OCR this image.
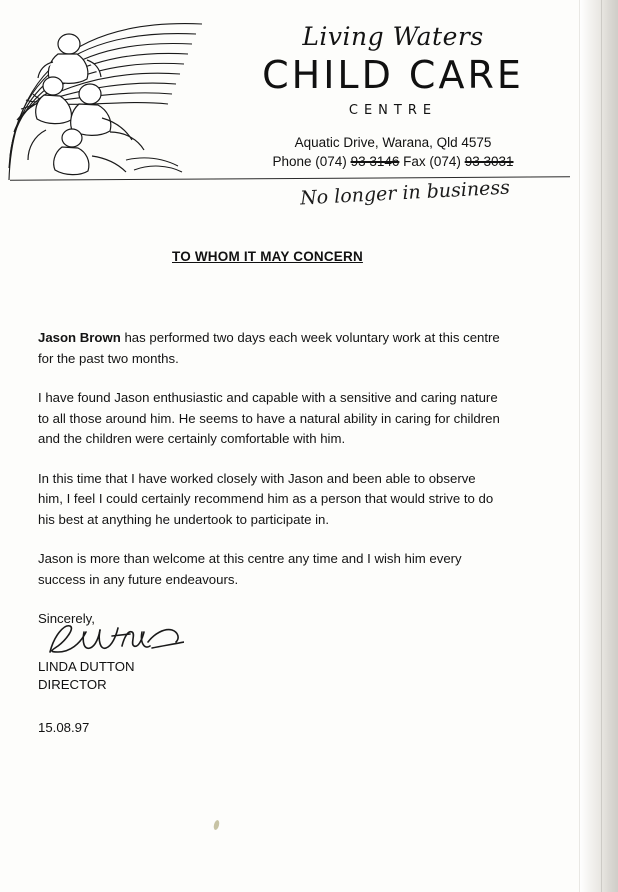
Living Waters
CHILD CARE
CENTRE
Aquatic Drive, Warana, Qld 4575
Phone (074) 93 3146 Fax (074) 93 3031
No longer in business
TO WHOM IT MAY CONCERN

Jason Brown has performed two days each week voluntary work at this centre for the past two months.

I have found Jason enthusiastic and capable with a sensitive and caring nature to all those around him. He seems to have a natural ability in caring for children and the children were certainly comfortable with him.

In this time that I have worked closely with Jason and been able to observe him, I feel I could certainly recommend him as a person that would strive to do his best at anything he undertook to participate in.

Jason is more than welcome at this centre any time and I wish him every success in any future endeavours.

Sincerely,

LINDA DUTTON
DIRECTOR
15.08.97
